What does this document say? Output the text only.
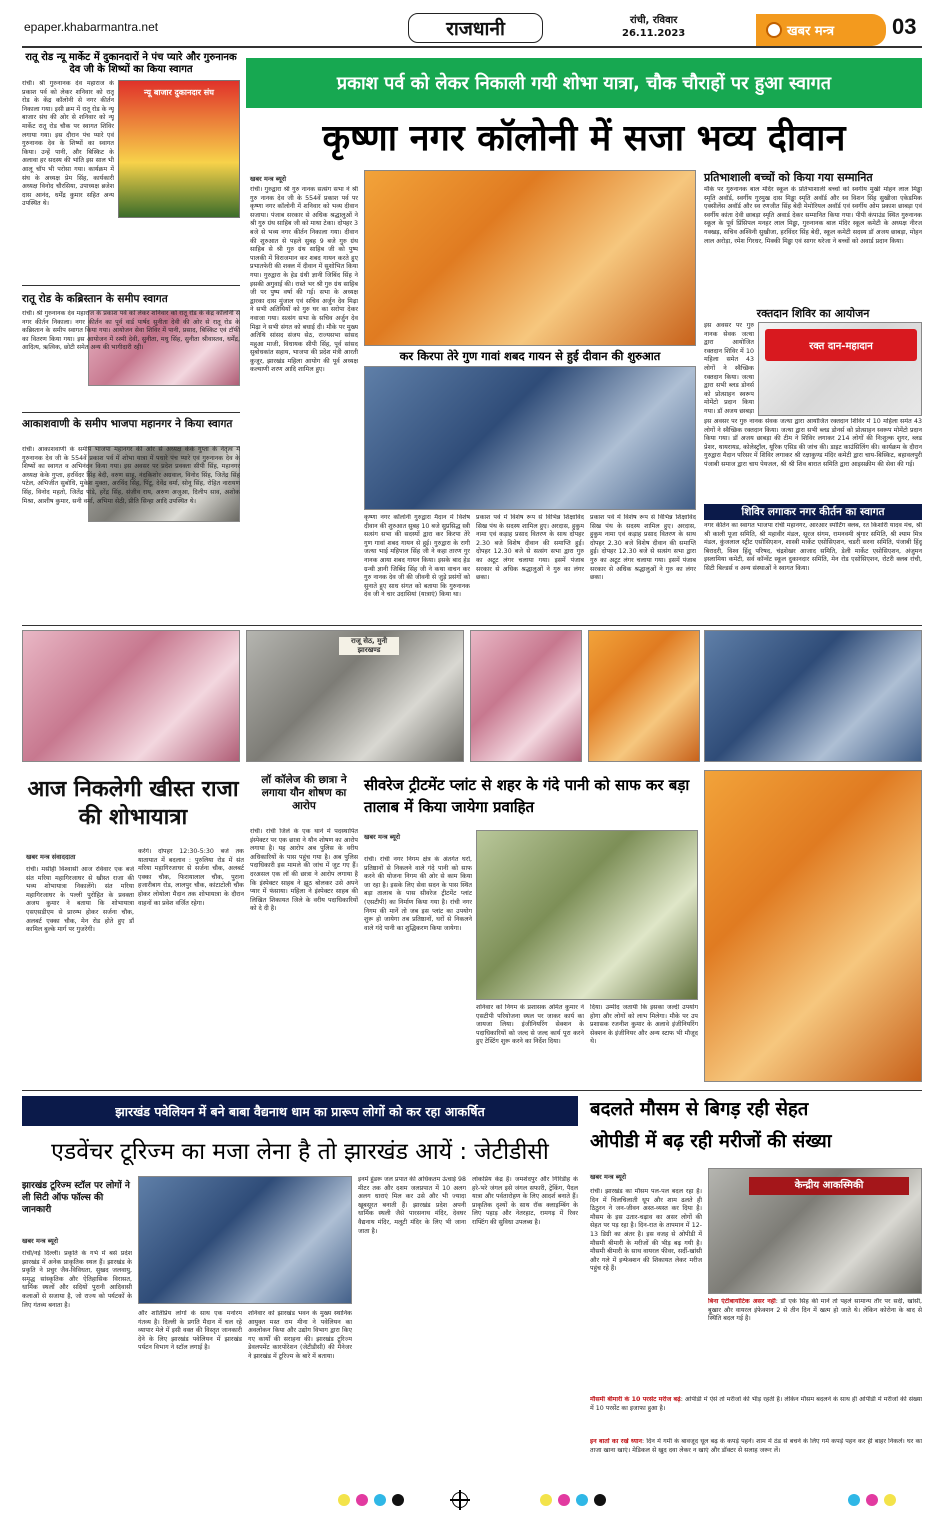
epaper.khabarmantra.net	राजधानी	रांची, रविवार
26.11.2023	खबर मन्त्र	03
रातू रोड न्यू मार्केट में दुकानदारों ने पंच प्यारे और गुरुनानक देव जी के शिष्यों का किया स्वागत
न्यू बाजार दुकानदार संघ
रांची। श्री गुरुनानक देव महाराज के प्रकाश पर्व को लेकर शनिवार को रातू रोड के केंद्र कॉलोनी से नगर कीर्तन निकाला गया। इसी क्रम में रातू रोड के न्यू बाजार संघ की ओर से शनिवार को न्यू मार्केट रातू रोड चौक पर स्वागत शिविर लगाया गया। इस दौरान पंच प्यारे एवं गुरुनानक देव के शिष्यों का स्वागत किया। उन्हें पानी, और बिस्किट के अलावा हर सदस्य की भांति इस साल भी आलू चॉप भी परोसा गया। कार्यक्रम में संघ के अध्यक्ष प्रेम सिंह, कार्यकारी अध्यक्ष विनोद चौरसिया, उपाध्यक्ष ब्रजेश दास आनंद, धर्मेंद्र कुमार सहित अन्य उपस्थित थे।
रातू रोड के कब्रिस्तान के समीप स्वागत
रांची। श्री गुरुनानक देव महाराज के प्रकाश पर्व को लेकर शनिवार को रातू रोड के केंद्र कॉलोनी से नगर कीर्तन निकाला। नगर कीर्तन का पूर्व वार्ड पार्षद सुनीता देवी की ओर से रातू रोड के कब्रिस्तान के समीप स्वागत किया गया। आयोजन सेवा शिविर में पानी, प्रसाद, बिस्किट एवं टॉफी का वितरण किया गया। इस आयोजन में रश्मी देवी, सुनीता, मधु सिंह, सुनीता श्रीवास्तव, धर्मेंद्र, आदित्य, ऋत्विक, छोटी समेत अन्य की भागीदारी रही।
आकाशवाणी के समीप भाजपा महानगर ने किया स्वागत
रांची। आकाशवाणी के समीप भाजपा महानगर की ओर से अध्यक्ष केके गुप्ता के नेतृत्व में गुरुनानक देव जी के 554वें प्रकाश पर्व में शोभा यात्रा में पधारे पंच प्यारे एवं गुरुनानक देव के शिष्यों का स्वागत व अभिनंदन किया गया। इस अवसर पर प्रदेश प्रवक्ता सीपी सिंह, महानगर अध्यक्ष केके गुप्ता, हरविंदर सिंह बेदी, वरुण साहू, नंदकिशोर अग्रवाल, विनोद सिंह, जितेंद्र सिंह पटेल, अभिजीत सुबोधि, मुकेश मुक्ता, अरविंद सिंह, पिंटू, देवेंद्र वर्मा, सोनू सिंह, रोहित नारायण सिंह, विनोद महतो, जितेंद्र पांडे, हरेंद्र सिंह, संजीव राय, अरुण अजुआ, दिलीप साव, अशोक मिश्रा, आशीष कुमार, सनी वर्मा, अभिमा सेठी, प्रीति सिन्हा आदि उपस्थित थे।
प्रकाश पर्व को लेकर निकाली गयी शोभा यात्रा, चौक चौराहों पर हुआ स्वागत
कृष्णा नगर कॉलोनी में सजा भव्य दीवान
खबर मन्त्र ब्यूरो
रांची। गुरुद्वारा श्री गुरु नानक सत्संग सभा ने श्री गुरु नानक देव जी के 554वें प्रकाश पर्व पर कृष्णा नगर कॉलोनी में शनिवार को भव्य दीवान सजाया। पंजाब सरकार से अधिक श्रद्धालुओं ने श्री गुरु ग्रंथ साहिब जी को माथा टेका। दोपहर 3 बजे से भव्य नगर कीर्तन निकाला गया। दीवान की शुरुआत से पहले सुबह 9 बजे गुरु ग्रंथ साहिब से श्री गुरु ग्रंथ साहिब जी को पुष्प पालकी में विराजमान कर शबद गायन करते हुए प्रभातफेरी की शक्ल में दीवान में सुशोभित किया गया। गुरुद्वारा के हेड ग्रंथी ज्ञानी जिबिंद सिंह ने इसकी अगुवाई की। रास्ते भर श्री गुरु ग्रंथ साहिब जी पर पुष्प वर्षा की गई। सभा के अध्यक्ष द्वारका दास मुंजाल एवं सचिव अर्जुन देव मिढ़ा ने सभी अतिथियों को गुरु घर का सरोपा देकर नवाजा गया। सत्संग सभा के सचिव अर्जुन देव मिढ़ा ने सभी संगत को बधाई दी। मौके पर मुख्य अतिथि सांसद संजय सेठ, राज्यसभा सांसद महुआ माजी, विधायक सीपी सिंह, पूर्व सांसद सुबोधकांत सहाय, भाजपा की प्रदेश मंत्री आरती कुजूर, झारखंड महिला आयोग की पूर्व अध्यक्ष कल्याणी शरण आदि शामिल हुए।
कर किरपा तेरे गुण गावां शबद गायन से हुई दीवान की शुरुआत
कृष्णा नगर कॉलोनी गुरुद्वारा मैदान में विशेष दीवान की शुरुआत सुबह 10 बजे सुप्रसिद्ध स्त्री सत्संग सभा की सदस्यों द्वारा कर किरपा तेरे गुण गावां शबद गायन से हुई। गुरुद्वारा के रागी जत्था भाई महिपाल सिंह जी ने कहा तारण गुर नानक आया शबद गायन किया। इसके बाद हेड ग्रन्थी ज्ञानी जिबिंद सिंह जी ने कथा वाचन कर गुरु नानक देव जी की जीवनी से जुड़े प्रसंगों को सुनाते हुए साध संगत को बताया कि गुरुनानक देव जी ने चार उदासियां (यात्राएं) किया था।
प्रकाश पर्व में विशेष रूप से विभिन्न शिक्षाविद सिख पंथ के सदस्य शामिल हुए। अरदास, हुकुम नामा एवं कड़ाह प्रसाद वितरण के साथ दोपहर 2.30 बजे विशेष दीवान की समाप्ति हुई। दोपहर 12.30 बजे से सत्संग सभा द्वारा गुरु का अटूट लंगर चलाया गया। इसमें पंजाब सरकार से अधिक श्रद्धालुओं ने गुरु का लंगर छका।
प्रकाश पर्व में विशेष रूप से विभिन्न शिक्षाविद सिख पंथ के सदस्य शामिल हुए। अरदास, हुकुम नामा एवं कड़ाह प्रसाद वितरण के साथ दोपहर 2.30 बजे विशेष दीवान की समाप्ति हुई। दोपहर 12.30 बजे से सत्संग सभा द्वारा गुरु का अटूट लंगर चलाया गया। इसमें पंजाब सरकार से अधिक श्रद्धालुओं ने गुरु का लंगर छका।
प्रतिभाशाली बच्चों को किया गया सम्मानित
मौके पर गुरुनानक बाल मंदिर स्कूल के प्रतिभाशाली बच्चों को स्वर्गीय मुखी मोहन लाल मिड्ढा स्मृति अवॉर्ड, स्वर्गीय गुरमुख दास मिड्ढा स्मृति अवॉर्ड और स्व विशन सिंह सुखीजा एकेडमिक एक्सीलेंस अवॉर्ड और स्व रणजीत सिंह बेदी मेमोरियल अवॉर्ड एवं स्वर्गीय ओम प्रकाश छाबड़ा एवं स्वर्गीय कांता देवी छाबड़ा स्मृति अवार्ड देकर सम्मानित किया गया। पीपी कंपाउंड स्थित गुरुनानक स्कूल के पूर्व प्रिंसिपल मनहर लाल मिड्ढा, गुरुनानक बाल मंदिर स्कूल कमेटी के अध्यक्ष नीरज गक्खड़, सचिव अश्विनी सुखीजा, हरविंदर सिंह बेदी, स्कूल कमेटी सदस्य डॉ अजय छाबड़ा, मोहन लाल अरोड़ा, रमेश गिरधर, मिक्की मिड्ढा एवं सागर थरेजा ने बच्चों को अवार्ड प्रदान किया।
रक्तदान शिविर का आयोजन
रक्त दान-महादान
इस अवसर पर गुरु नानक सेवक जत्था द्वारा आयोजित रक्तदान शिविर में 10 महिला समेत 43 लोगों ने स्वैच्छिक रक्तदान किया। जत्था द्वारा सभी ब्लड डोनर्स को प्रोत्साहन स्वरूप मोमेंटो प्रदान किया गया। डॉ अजय छाबड़ा
इस अवसर पर गुरु नानक सेवक जत्था द्वारा आयोजित रक्तदान शिविर में 10 महिला समेत 43 लोगों ने स्वैच्छिक रक्तदान किया। जत्था द्वारा सभी ब्लड डोनर्स को प्रोत्साहन स्वरूप मोमेंटो प्रदान किया गया। डॉ अजय छाबड़ा की टीम ने शिविर लगाकर 214 लोगों की निःशुल्क शुगर, ब्लड प्रेशर, थायरायड, कोलेस्ट्रॉल, यूरिक एसिड की जांच की। डाइट काउंसिलिंग की। कार्यक्रम के दौरान गुरुद्वारा मैदान परिसर में शिविर लगाकर श्री रक्षाकुण्ड मंदिर कमेटी द्वारा चाय-बिस्किट, बहावलपुरी पंजाबी समाज द्वारा चाय पेयजल, श्री श्री शिव बारात समिति द्वारा आइसक्रीम की सेवा की गई।
शिविर लगाकर नगर कीर्तन का स्वागत
नगर कीर्तन का स्वागत भाजपा रांची महानगर, आरआर स्पोर्टिंग क्लब, रत किशोरी यादव मंच, श्री श्री काली पूजा समिति, श्री महावीर मंडल, सूरज संगम, रामनवमी श्रृंगार समिति, श्री श्याम मित्र मंडल, कुंजलाल स्ट्रीट एसोसिएशन, शास्त्री मार्केट एसोसिएशन, चडरी सरना समिति, पंजाबी हिंदू बिरादरी, विश्व हिंदू परिषद, चंद्रशेखर आजाद समिति, डेली मार्केट एसोसिएशन, अंजुमन इस्लामिया कमेटी, सर्व कॉन्वेंट स्कूल दुकानदार समिति, मेन रोड एसोसिएशन, रोटरी क्लब रांची, सिटी बिल्डर्स व अन्य संस्थाओं ने स्वागत किया।
राजू सेठ, मुनी झारखण्ड
आज निकलेगी खीस्त राजा की शोभायात्रा
खबर मन्त्र संवाददाता
रांची। मसीही विश्वासी आज रविवार एक बजे संत मरिया महागिरजाघर से खीस्त राजा की भव्य शोभायात्रा निकालेंगे। संत मरिया महागिरजाघर के पल्ली पुरोहित के प्रवक्ता अजय कुमार ने बताया कि शोभायात्रा एसएसडीएम से प्रारम्भ होकर सर्जना चौक, अलबर्ट एक्का चौक, मेन रोड होते हुए डॉ कामिल बुल्के मार्ग पर गुजरेगी।
करेंगे। दोपहर 12:30-5:30 बजे तक यातायात में बदलाव : पुरुलिया रोड में संत मरिया महागिरजाघर से सर्जना चौक, अलबर्ट एक्का चौक, फिरायालाल चौक, पुराना हजारीबाग रोड, लालपुर चौक, कांटाटोली चौक होकर लोयोला मैदान तक शोभायात्रा के दौरान वाहनों का प्रवेश वर्जित रहेगा।
लॉ कॉलेज की छात्रा ने लगाया यौन शोषण का आरोप
रांची। रांची जिले के एक थाने में पदस्थापित इंस्पेक्टर पर एक छात्रा ने यौन शोषण का आरोप लगाया है। यह आरोप अब पुलिस के वरीय अधिकारियों के पास पहुंच गया है। अब पुलिस पदाधिकारी इस मामले की जांच में जुट गए हैं। दरअसल एक लॉ की छात्रा ने आरोप लगाया है कि इंस्पेक्टर साहब ने झूठ बोलकर उसे अपने प्यार में फंसाया। महिला ने इंस्पेक्टर साहब की लिखित शिकायत जिले के वरीय पदाधिकारियों को दे दी है।
सीवरेज ट्रीटमेंट प्लांट से शहर के गंदे पानी को साफ कर बड़ा तालाब में किया जायेगा प्रवाहित
खबर मन्त्र ब्यूरो
रांची। रांची नगर निगम क्षेत्र के अंतर्गत घरों, प्रतिष्ठानों से निकलने वाले गंदे पानी को साफ करने की योजना निगम की ओर से काम किया जा रहा है। इसके लिए सेवा सदन के पास स्थित बड़ा तालाब के पास सीवरेज ट्रीटमेंट प्लांट (एसटीपी) का निर्माण किया गया है। रांची नगर निगम की मानें तो जब इस प्लांट का उपयोग शुरू हो जायेगा तब प्रतिष्ठानों, घरों से निकलने वाले गंदे पानी का शुद्धिकरण किया जायेगा।
शनिवार को निगम के प्रशासक अमित कुमार ने एसटीपी परियोजना स्थल पर जाकर कार्य का जायजा लिया। इंजीनियरिंग सेक्शन के पदाधिकारियों को जल्द से जल्द कार्य पूरा करने हुए टेस्टिंग शुरू करने का निर्देश दिया।
दिया। उम्मीद जतायी कि इसका जल्दी उपयोग होगा और लोगों को लाभ मिलेगा। मौके पर उप प्रशासक रजनीश कुमार के अलावे इंजीनियरिंग सेक्शन के इंजीनियर और अन्य स्टाफ भी मौजूद थे।
झारखंड पवेलियन में बने बाबा वैद्यनाथ धाम का प्रारूप लोगों को कर रहा आकर्षित
एडवेंचर टूरिज्म का मजा लेना है तो झारखंड आयें : जेटीडीसी
झारखंड टूरिज्म स्टॉल पर लोगों ने ली सिटी ऑफ फॉल्स की जानकारी
खबर मन्त्र ब्यूरो
रांची/नई दिल्ली। प्रकृति के गर्भ में बसे प्रदेश झारखंड में अनेक प्राकृतिक स्थल हैं। झारखंड के प्रकृति ने प्रचुर जैव-विविधता, सुखद जलवायु, समृद्ध सांस्कृतिक और ऐतिहासिक विरासत, धार्मिक स्थलों और सदियों पुरानी आदिवासी कलाओं से सजाया है, जो राज्य को पर्यटकों के लिए गंतव्य बनाता है।
और शांतिप्रिय लोगों के साथ एक मनोरम गंतव्य है। दिल्ली के प्रगति मैदान में चल रहे व्यापार मेले में इसी वक्त की विस्तृत जानकारी देने के लिए झारखंड पवेलियन में झारखंड पर्यटन विभाग ने स्टॉल लगाई है।
शनिवार को झारखंड भवन के मुख्य स्थानिक आयुक्त मस्त राम मीना ने पवेलियन का अवलोकन किया और उद्योग विभाग द्वारा किए गए कार्यों की सराहना की। झारखंड टूरिज्म डेवलपमेंट कारपोरेशन (जेटीडीसी) की मैनेजर ने झारखंड में टूरिज्म के बारे में बताया।
इनमें हुंडरू जल प्रपात की अधिकतम ऊंचाई 98 मीटर तक और दशम जलप्रपात में 10 अलग अलग धाराएं मिल कर उसे और भी ज्यादा खूबसूरत बनाती हैं। झारखंड प्रदेश अपनी धार्मिक स्थली जैसे पारसनाथ मंदिर, देवघर वैद्यनाथ मंदिर, मलूटी मंदिर के लिए भी जाना जाता है।
लोकप्रिय केंद्र है। जमशेदपुर और गिरिडीह के हरे-भरे जंगल इसे जंगल सफारी, ट्रेकिंग, पैदल यात्रा और पर्वतारोहण के लिए आदर्श बनाते हैं। प्राकृतिक दृश्यों के साथ रॉक क्लाइम्बिंग के लिए पहाड़ और नेतरहाट, रामगढ़ में रिवर राफ्टिंग की सुविधा उपलब्ध है।
बदलते मौसम से बिगड़ रही सेहत
ओपीडी में बढ़ रही मरीजों की संख्या
खबर मन्त्र ब्यूरो
रांची। झारखंड का मौसम पल-पल बदल रहा है। दिन में चिलचिलाती धूप और शाम ढलते ही ठिठुरन ने जन-जीवन अस्त-व्यस्त कर दिया है। मौसम के इस उतार-चढ़ाव का असर लोगों की सेहत पर पड़ रहा है। दिन-रात के तापमान में 12-13 डिग्री का अंतर है। इस वजह से ओपीडी में मौसमी बीमारी के मरीजों की भीड़ बढ़ गयी है। मौसमी बीमारी के साथ वायरल फीवर, सर्दी-खांसी और गले में इन्फेक्शन की शिकायत लेकर मरीज पहुंच रहे हैं।
केन्द्रीय आकस्मिकी
बिना एंटीबायोटिक असर नहीं: डॉ एके सिंह की मानें तो पहले सामान्य तौर पर सर्दी, खांसी, बुखार और वायरल इंफेक्शन 2 से तीन दिन में खत्म हो जाते थे। लेकिन कोरोना के बाद से स्थिति बदल गई है।
मौसमी बीमारी के 10 परसेंट मरीज बढ़े: ओपीडी में ऐसे तो मरीजों की भीड़ रहती है। लेकिन मौसम बदलने के साथ ही ओपीडी में मरीजों की संख्या में 10 परसेंट का इजाफा हुआ है।
इन बातों का रखें ध्यान: दिन में गर्मी के बावजूद धूल बढ़ के कपड़े पहनें। शाम में ठंड से बचने के लिए गर्म कपड़े पहन कर ही बाहर निकलें। घर का ताजा खाना खाएं। मेडिकल से खुद दवा लेकर न खाएं और डॉक्टर से सलाह जरूर लें।
